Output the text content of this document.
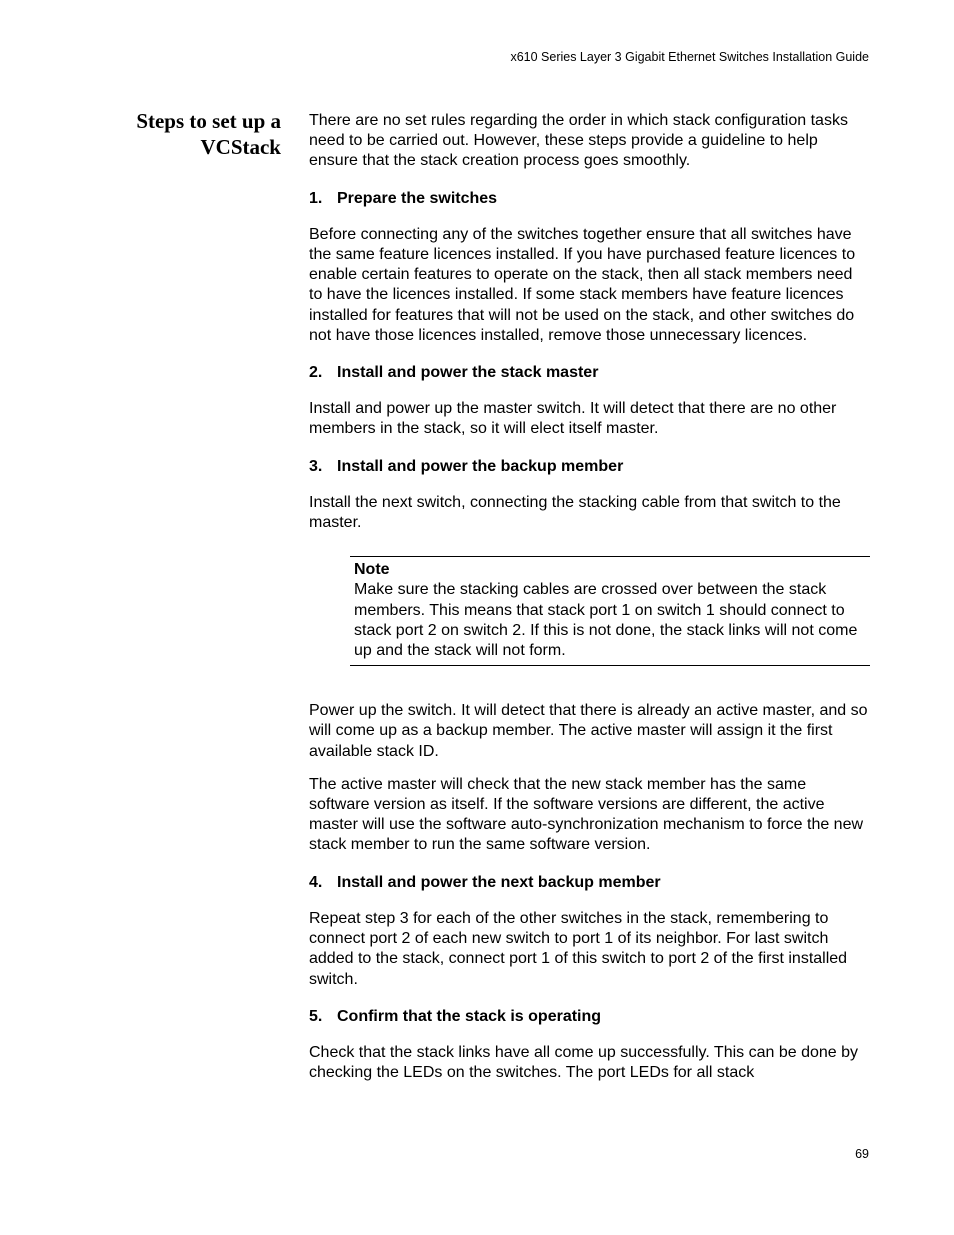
x610 Series Layer 3 Gigabit Ethernet Switches Installation Guide
Steps to set up a
VCStack

There are no set rules regarding the order in which stack configuration tasks need to be carried out. However, these steps provide a guideline to help ensure that the stack creation process goes smoothly.

1. Prepare the switches

Before connecting any of the switches together ensure that all switches have the same feature licences installed. If you have purchased feature licences to enable certain features to operate on the stack, then all stack members need to have the licences installed. If some stack members have feature licences installed for features that will not be used on the stack, and other switches do not have those licences installed, remove those unnecessary licences.

2. Install and power the stack master

Install and power up the master switch. It will detect that there are no other members in the stack, so it will elect itself master.

3. Install and power the backup member

Install the next switch, connecting the stacking cable from that switch to the master.

Note
Make sure the stacking cables are crossed over between the stack members. This means that stack port 1 on switch 1 should connect to stack port 2 on switch 2. If this is not done, the stack links will not come up and the stack will not form.

Power up the switch. It will detect that there is already an active master, and so will come up as a backup member. The active master will assign it the first available stack ID.

The active master will check that the new stack member has the same software version as itself. If the software versions are different, the active master will use the software auto-synchronization mechanism to force the new stack member to run the same software version.

4. Install and power the next backup member

Repeat step 3 for each of the other switches in the stack, remembering to connect port 2 of each new switch to port 1 of its neighbor. For last switch added to the stack, connect port 1 of this switch to port 2 of the first installed switch.

5. Confirm that the stack is operating

Check that the stack links have all come up successfully. This can be done by checking the LEDs on the switches. The port LEDs for all stack

69
